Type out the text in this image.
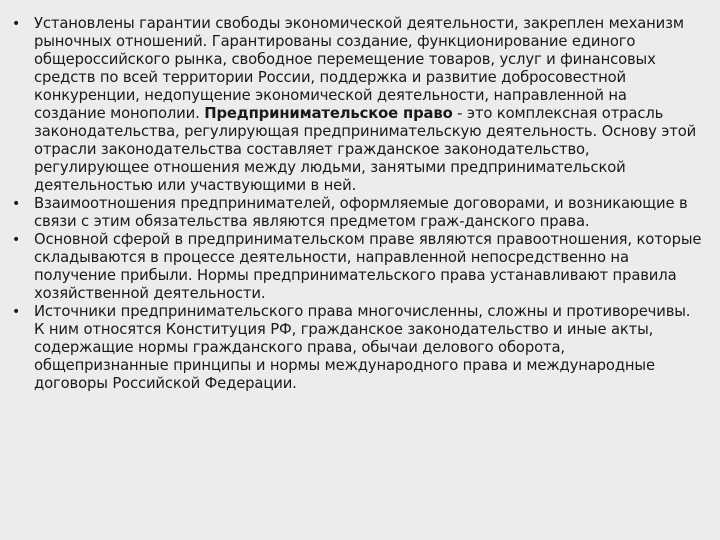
• Установлены гарантии свободы экономической деятельности, закреплен механизм рыночных отношений. Гарантированы создание, функционирование единого общероссийского рынка, свободное перемещение товаров, услуг и финансовых средств по всей территории России, поддержка и развитие добросовестной конкуренции, недопущение экономической деятельности, направленной на создание монополии. Предпринимательское право - это комплексная отрасль законодательства, регулирующая предпринимательскую деятельность. Основу этой отрасли законодательства составляет гражданское законодательство, регулирующее отношения между людьми, занятыми предпринимательской деятельностью или участвующими в ней.
• Взаимоотношения предпринимателей, оформляемые договорами, и возникающие в связи с этим обязательства являются предметом граж-данского права.
• Основной сферой в предпринимательском праве являются правоотношения, которые складываются в процессе деятельности, направленной непосредственно на получение прибыли. Нормы предпринимательского права устанавливают правила хозяйственной деятельности.
• Источники предпринимательского права многочисленны, сложны и противоречивы. К ним относятся Конституция РФ, гражданское законодательство и иные акты, содержащие нормы гражданского права, обычаи делового оборота, общепризнанные принципы и нормы международного права и международные договоры Российской Федерации.
